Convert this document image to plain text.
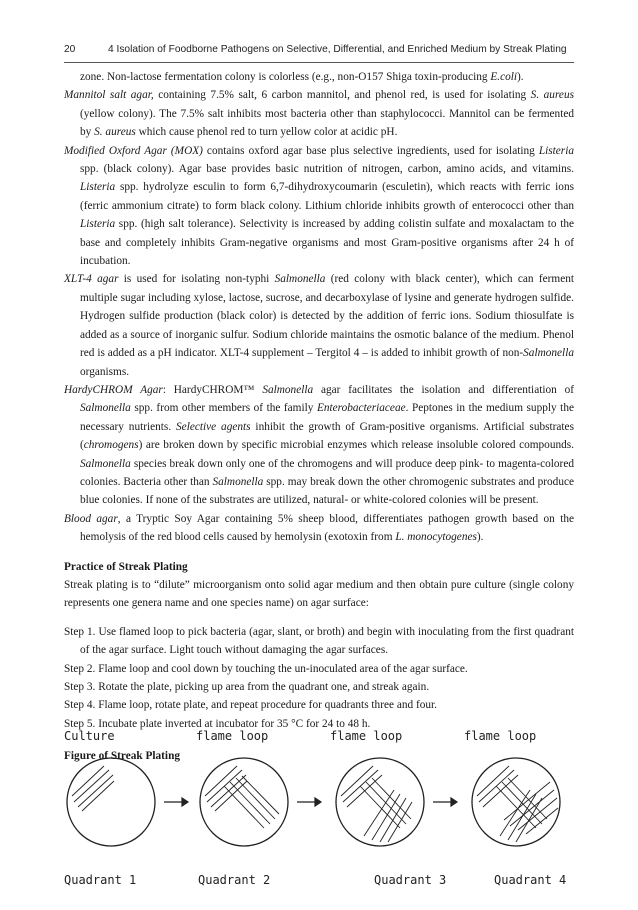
20	4 Isolation of Foodborne Pathogens on Selective, Differential, and Enriched Medium by Streak Plating

zone. Non-lactose fermentation colony is colorless (e.g., non-O157 Shiga toxin-producing E.coli).

Mannitol salt agar, containing 7.5% salt, 6 carbon mannitol, and phenol red, is used for isolating S. aureus (yellow colony). The 7.5% salt inhibits most bacteria other than staphylococci. Mannitol can be fermented by S. aureus which cause phenol red to turn yellow color at acidic pH.

Modified Oxford Agar (MOX) contains oxford agar base plus selective ingredients, used for isolating Listeria spp. (black colony). Agar base provides basic nutrition of nitrogen, carbon, amino acids, and vitamins. Listeria spp. hydrolyze esculin to form 6,7-dihydroxycoumarin (esculetin), which reacts with ferric ions (ferric ammonium citrate) to form black colony. Lithium chloride inhibits growth of enterococci other than Listeria spp. (high salt tolerance). Selectivity is increased by adding colistin sulfate and moxalactam to the base and completely inhibits Gram-negative organisms and most Gram-positive organisms after 24 h of incubation.

XLT-4 agar is used for isolating non-typhi Salmonella (red colony with black center), which can ferment multiple sugar including xylose, lactose, sucrose, and decarboxylase of lysine and generate hydrogen sulfide. Hydrogen sulfide production (black color) is detected by the addition of ferric ions. Sodium thiosulfate is added as a source of inorganic sulfur. Sodium chloride maintains the osmotic balance of the medium. Phenol red is added as a pH indicator. XLT-4 supplement – Tergitol 4 – is added to inhibit growth of non-Salmonella organisms.

HardyCHROM Agar: HardyCHROM™ Salmonella agar facilitates the isolation and differentiation of Salmonella spp. from other members of the family Enterobacteriaceae. Peptones in the medium supply the necessary nutrients. Selective agents inhibit the growth of Gram-positive organisms. Artificial substrates (chromogens) are broken down by specific microbial enzymes which release insoluble colored compounds. Salmonella species break down only one of the chromogens and will produce deep pink- to magenta-colored colonies. Bacteria other than Salmonella spp. may break down the other chromogenic substrates and produce blue colonies. If none of the substrates are utilized, natural- or white-colored colonies will be present.

Blood agar, a Tryptic Soy Agar containing 5% sheep blood, differentiates pathogen growth based on the hemolysis of the red blood cells caused by hemolysin (exotoxin from L. monocytogenes).

Practice of Streak Plating

Streak plating is to “dilute” microorganism onto solid agar medium and then obtain pure culture (single colony represents one genera name and one species name) on agar surface:

Step 1. Use flamed loop to pick bacteria (agar, slant, or broth) and begin with inoculating from the first quadrant of the agar surface. Light touch without damaging the agar surfaces.

Step 2. Flame loop and cool down by touching the un-inoculated area of the agar surface.

Step 3. Rotate the plate, picking up area from the quadrant one, and streak again.

Step 4. Flame loop, rotate plate, and repeat procedure for quadrants three and four.

Step 5. Incubate plate inverted at incubator for 35 °C for 24 to 48 h.

Figure of Streak Plating

Culture	flame loop	flame loop	flame loop
Quadrant 1	Quadrant 2	Quadrant 3	Quadrant 4
